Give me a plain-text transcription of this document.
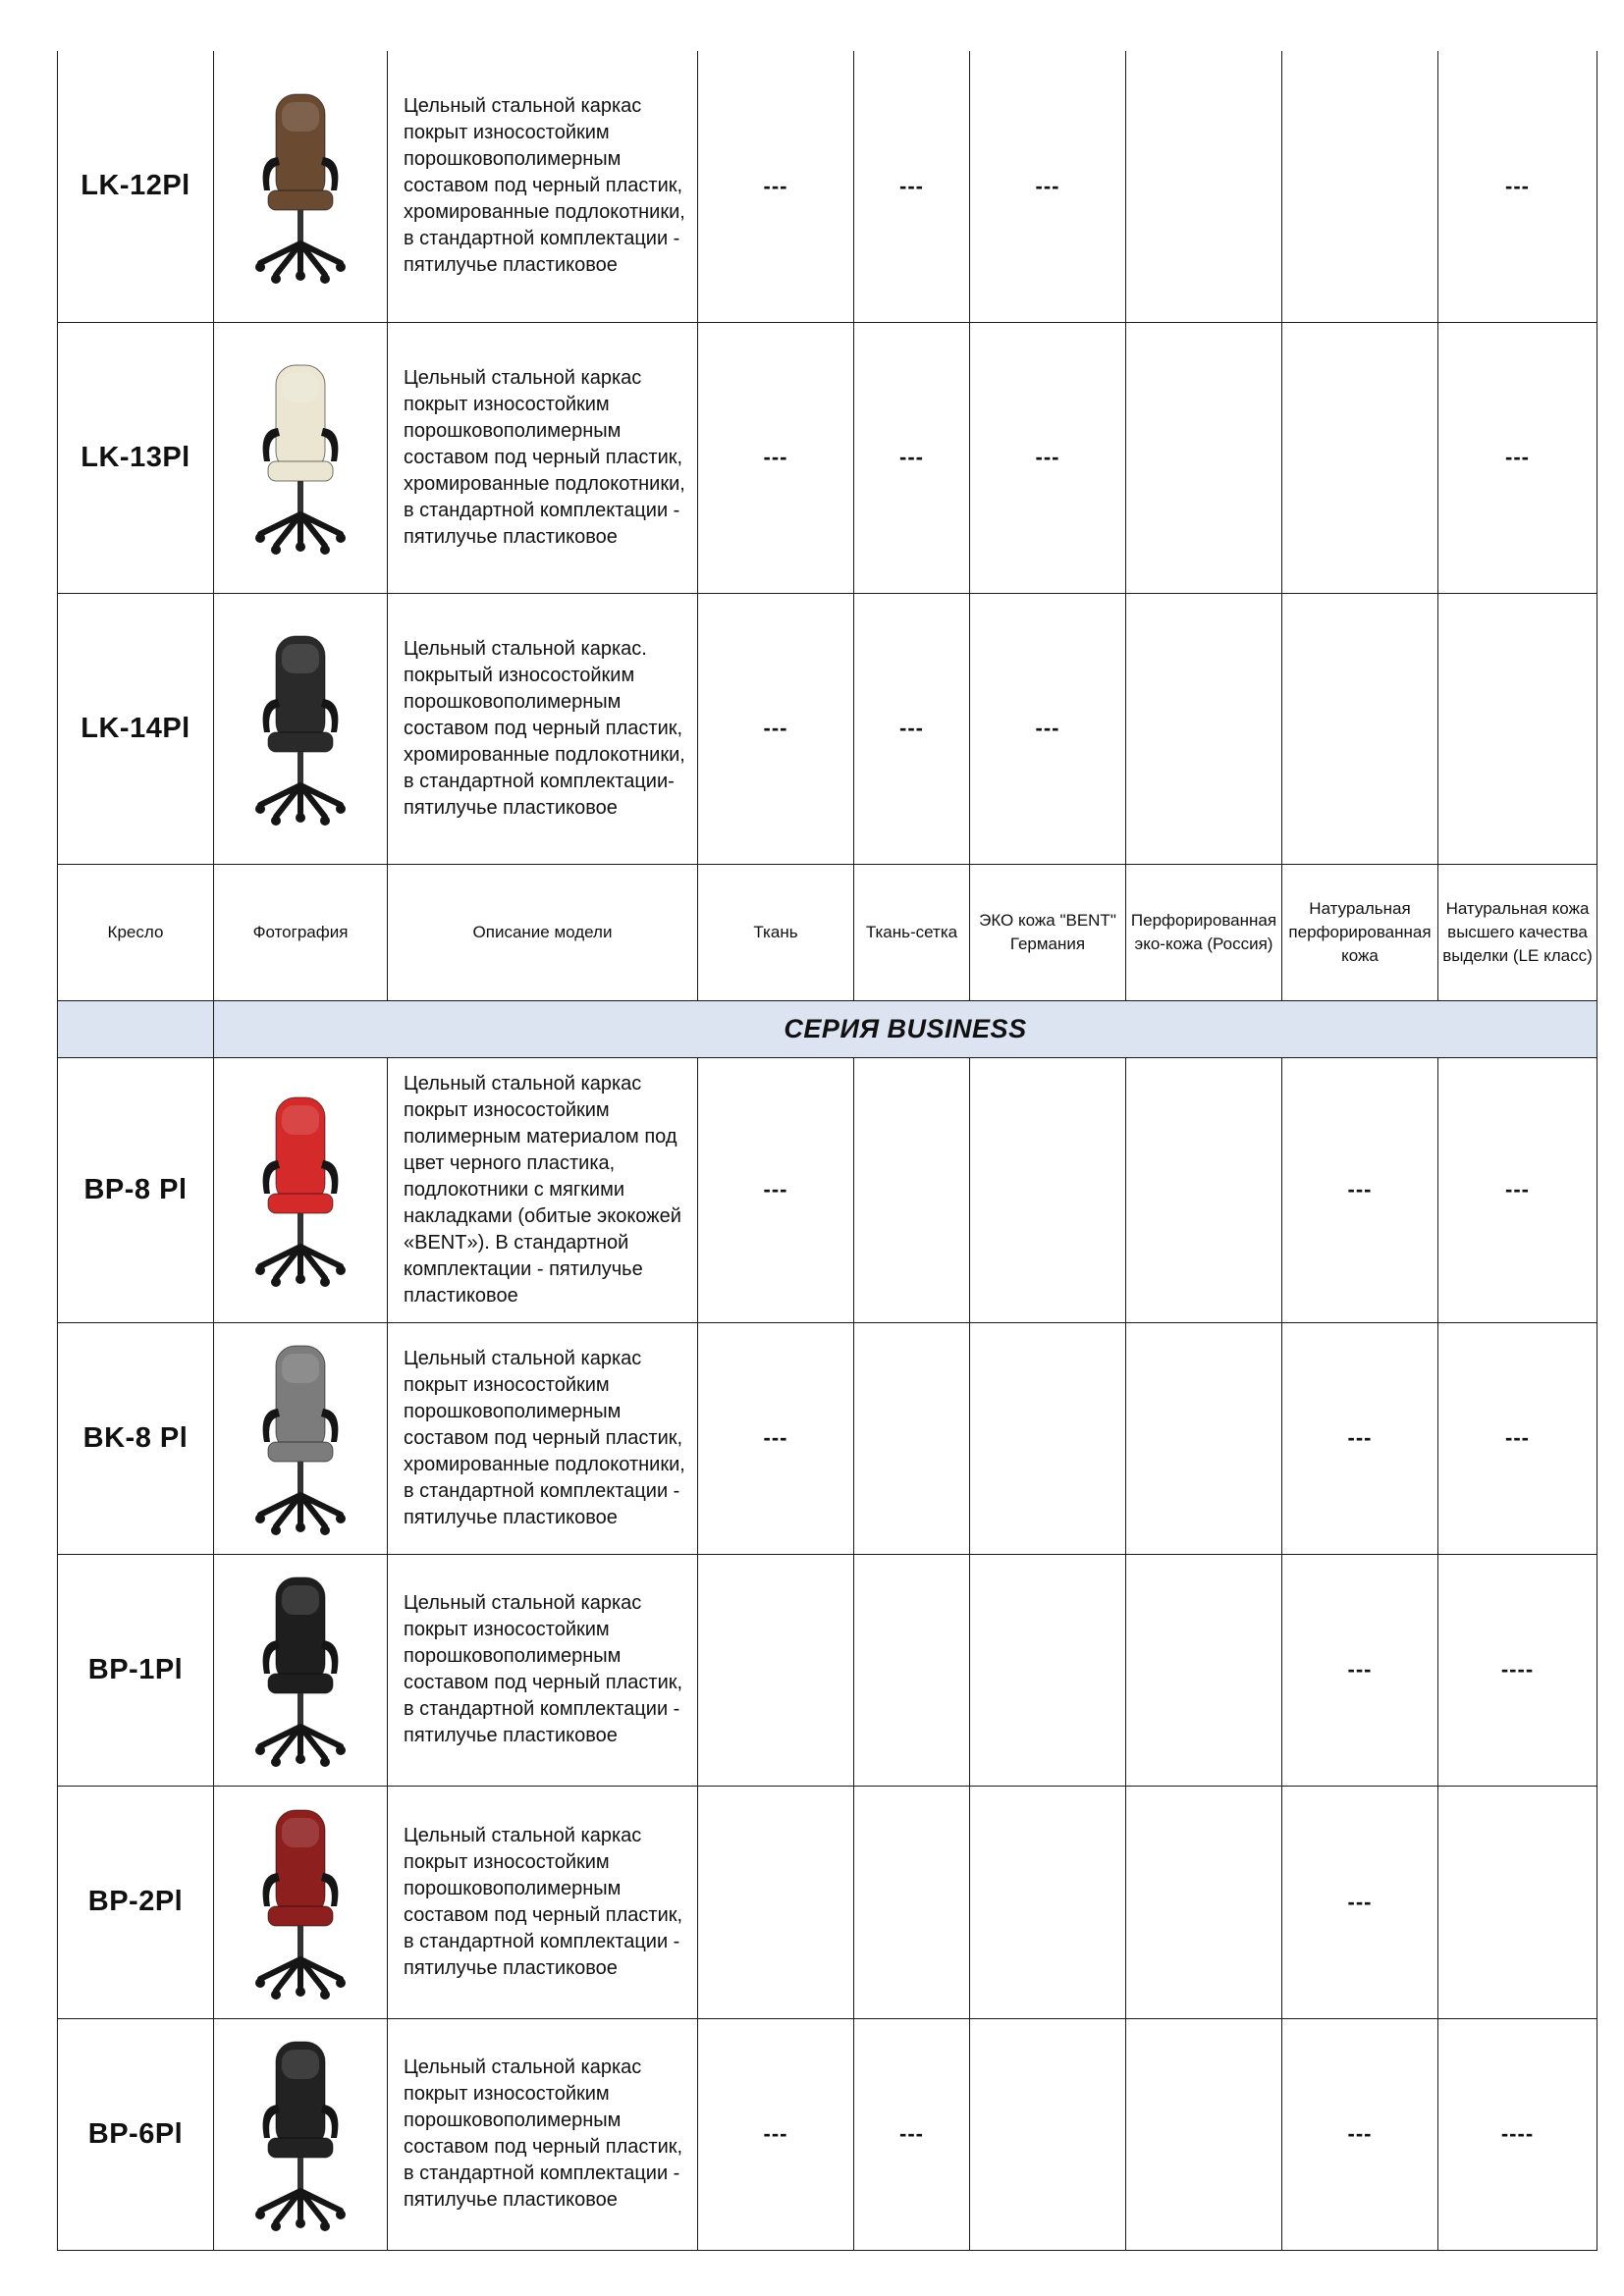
LK-12Pl		Цельный стальной каркас покрыт износостойким порошковополимерным составом под черный пластик, хромированные подлокотники, в стандартной комплектации - пятилучье пластиковое	---	---	---			---
LK-13Pl		Цельный стальной каркас покрыт износостойким порошковополимерным составом под черный пластик, хромированные подлокотники, в стандартной комплектации - пятилучье пластиковое	---	---	---			---
LK-14Pl		Цельный стальной каркас. покрытый износостойким порошковополимерным составом под черный пластик, хромированные подлокотники, в стандартной комплектации- пятилучье пластиковое	---	---	---			
Кресло	Фотография	Описание модели	Ткань	Ткань-сетка	ЭКО кожа "BENT" Германия	Перфорированная эко-кожа (Россия)	Натуральная перфорированная кожа	Натуральная кожа высшего качества выделки (LE класс)
	СЕРИЯ BUSINESS							
BP-8 Pl		Цельный стальной каркас покрыт износостойким полимерным материалом под цвет черного пластика, подлокотники с мягкими накладками (обитые экокожей «BENT»). В стандартной комплектации - пятилучье пластиковое	---				---	---
BK-8 Pl		Цельный стальной каркас покрыт износостойким порошковополимерным составом под черный пластик, хромированные подлокотники, в стандартной комплектации - пятилучье пластиковое	---				---	---
BP-1Pl		Цельный стальной каркас покрыт износостойким порошковополимерным составом под черный пластик, в стандартной комплектации - пятилучье пластиковое					---	----
BP-2Pl		Цельный стальной каркас покрыт износостойким порошковополимерным составом под черный пластик, в стандартной комплектации - пятилучье пластиковое					---	
BP-6Pl		Цельный стальной каркас покрыт износостойким порошковополимерным составом под черный пластик, в стандартной комплектации - пятилучье пластиковое	---	---			---	----
